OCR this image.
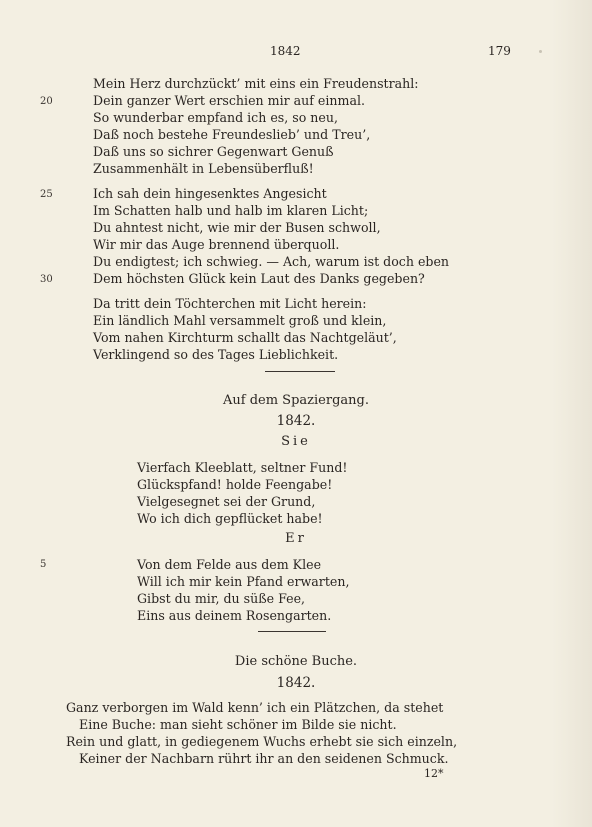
1842	179
Mein Herz durchzückt’ mit eins ein Freudenstrahl:
Dein ganzer Wert erschien mir auf einmal.
So wunderbar empfand ich es, so neu,
Daß noch bestehe Freundeslieb’ und Treu’,
Daß uns so sichrer Gegenwart Genuß
Zusammenhält in Lebensüberfluß!
Ich sah dein hingesenktes Angesicht
Im Schatten halb und halb im klaren Licht;
Du ahntest nicht, wie mir der Busen schwoll,
Wir mir das Auge brennend überquoll.
Du endigtest; ich schwieg. — Ach, warum ist doch eben
Dem höchsten Glück kein Laut des Danks gegeben?
Da tritt dein Töchterchen mit Licht herein:
Ein ländlich Mahl versammelt groß und klein,
Vom nahen Kirchturm schallt das Nachtgeläut’,
Verklingend so des Tages Lieblichkeit.
20
25
30
Auf dem Spaziergang.
1842.
Sie
Vierfach Kleeblatt, seltner Fund!
Glückspfand! holde Feengabe!
Vielgesegnet sei der Grund,
Wo ich dich gepflücket habe!
Er
Von dem Felde aus dem Klee
Will ich mir kein Pfand erwarten,
Gibst du mir, du süße Fee,
Eins aus deinem Rosengarten.
5
Die schöne Buche.
1842.
Ganz verborgen im Wald kenn’ ich ein Plätzchen, da stehet
Eine Buche: man sieht schöner im Bilde sie nicht.
Rein und glatt, in gediegenem Wuchs erhebt sie sich einzeln,
Keiner der Nachbarn rührt ihr an den seidenen Schmuck.
12*
